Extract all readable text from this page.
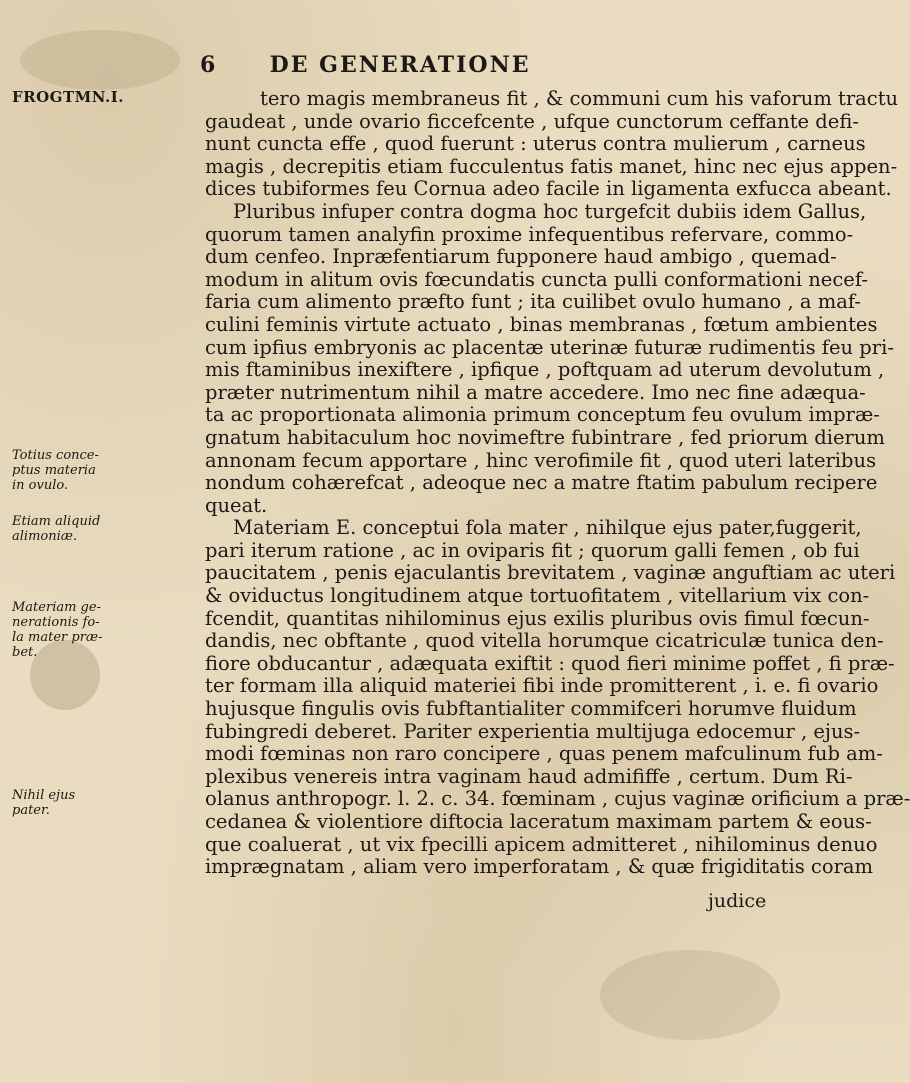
6 DE GENERATIONE
FROGTMN.I.	tero magis membraneus fit , & communi cum his vaforum tractu
gaudeat , unde ovario ficcefcente , ufque cunctorum ceffante defi-
nunt cuncta effe , quod fuerunt : uterus contra mulierum , carneus
magis , decrepitis etiam fucculentus fatis manet, hinc nec ejus appen-
dices tubiformes feu Cornua adeo facile in ligamenta exfucca abeant.
Pluribus infuper contra dogma hoc turgefcit dubiis idem Gallus,
quorum tamen analyfin proxime infequentibus refervare, commo-
dum cenfeo. Inpræfentiarum fupponere haud ambigo , quemad-
modum in alitum ovis fœcundatis cuncta pulli conformationi necef-
faria cum alimento præfto funt ; ita cuilibet ovulo humano , a maf-
culini feminis virtute actuato , binas membranas , fœtum ambientes
cum ipfius embryonis ac placentæ uterinæ futuræ rudimentis feu pri-
mis ftaminibus inexiftere , ipfique , poftquam ad uterum devolutum ,
præter nutrimentum nihil a matre accedere. Imo nec fine adæqua-
ta ac proportionata alimonia primum conceptum feu ovulum impræ-
gnatum habitaculum hoc novimeftre fubintrare , fed priorum dierum
annonam fecum apportare , hinc verofimile fit , quod uteri lateribus
nondum cohærefcat , adeoque nec a matre ftatim pabulum recipere
queat.
Materiam E. conceptui fola mater , nihilque ejus pater,fuggerit,
pari iterum ratione , ac in oviparis fit ; quorum galli femen , ob fui
paucitatem , penis ejaculantis brevitatem , vaginæ anguftiam ac uteri
& oviductus longitudinem atque tortuofitatem , vitellarium vix con-
fcendit, quantitas nihilominus ejus exilis pluribus ovis fimul fœcun-
dandis, nec obftante , quod vitella horumque cicatriculæ tunica den-
fiore obducantur , adæquata exiftit : quod fieri minime poffet , fi præ-
ter formam illa aliquid materiei fibi inde promitterent , i. e. fi ovario
hujusque fingulis ovis fubftantialiter commifceri horumve fluidum
fubingredi deberet. Pariter experientia multijuga edocemur , ejus-
modi fœminas non raro concipere , quas penem mafculinum fub am-
plexibus venereis intra vaginam haud admififfe , certum. Dum Ri-
olanus anthropogr. l. 2. c. 34. fœminam , cujus vaginæ orificium a præ-
cedanea & violentiore diftocia laceratum maximam partem & eous-
que coaluerat , ut vix fpecilli apicem admitteret , nihilominus denuo
imprægnatam , aliam vero imperforatam , & quæ frigiditatis coram
Totius conce-
ptus materia
in ovulo.
Etiam aliquid
alimoniæ.
Materiam ge-
nerationis fo-
la mater præ-
bet.
Nihil ejus
pater.
judice
